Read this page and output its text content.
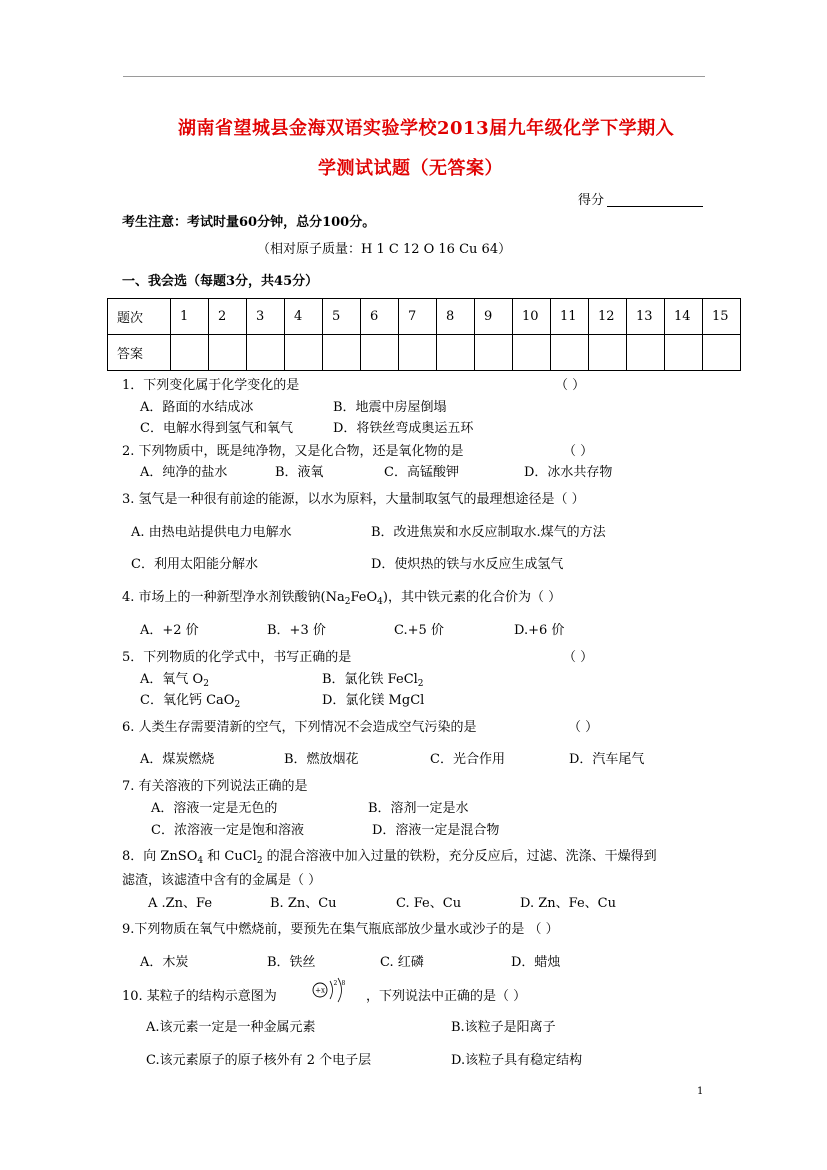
湖南省望城县金海双语实验学校2013届九年级化学下学期入
学测试试题（无答案）
得分
考生注意：考试时量60分钟，总分100分。
（相对原子质量：H 1 C 12 O 16 Cu 64）
一、我会选（每题3分，共45分）
题次	1	2	3	4	5	6	7	8	9	10	11	12	13	14	15
答案															
1．下列变化属于化学变化的是	（ ）
A．路面的水结成冰	B．地震中房屋倒塌
C．电解水得到氢气和氧气	D．将铁丝弯成奥运五环
2. 下列物质中，既是纯净物，又是化合物，还是氧化物的是	（ ）
A．纯净的盐水	B．液氧	C．高锰酸钾	D．冰水共存物
3. 氢气是一种很有前途的能源，以水为原料，大量制取氢气的最理想途径是（ ）
A. 由热电站提供电力电解水	B．改进焦炭和水反应制取水.煤气的方法
C．利用太阳能分解水	D．使炽热的铁与水反应生成氢气
4. 市场上的一种新型净水剂铁酸钠$(Na_2FeO_4)$，其中铁元素的化合价为（ ）
A．+2 价	B．+3 价	C.+5 价	D.+6 价
5．下列物质的化学式中，书写正确的是	（ ）
A．氧气 $O_2$	B．氯化铁 FeCl$_2$
C．氧化钙 CaO$_2$	D．氯化镁 MgCl
6. 人类生存需要清新的空气，下列情况不会造成空气污染的是	（ ）
A．煤炭燃烧	B．燃放烟花	C．光合作用	D．汽车尾气
7. 有关溶液的下列说法正确的是
A．溶液一定是无色的	B．溶剂一定是水
C．浓溶液一定是饱和溶液	D．溶液一定是混合物
8．向 ZnSO$_4$ 和 CuCl$_2$ 的混合溶液中加入过量的铁粉，充分反应后，过滤、洗涤、干燥得到
滤渣，该滤渣中含有的金属是（ ）
A .Zn、Fe	B. Zn、Cu	C. Fe、Cu	D. Zn、Fe、Cu
9.下列物质在氧气中燃烧前，要预先在集气瓶底部放少量水或沙子的是 （ ）
A．木炭	B．铁丝	C. 红磷	D．蜡烛
10. 某粒子的结构示意图为	+x
2 8
，下列说法中正确的是（ ）
A.该元素一定是一种金属元素	B.该粒子是阳离子
C.该元素原子的原子核外有 2 个电子层	D.该粒子具有稳定结构
1
